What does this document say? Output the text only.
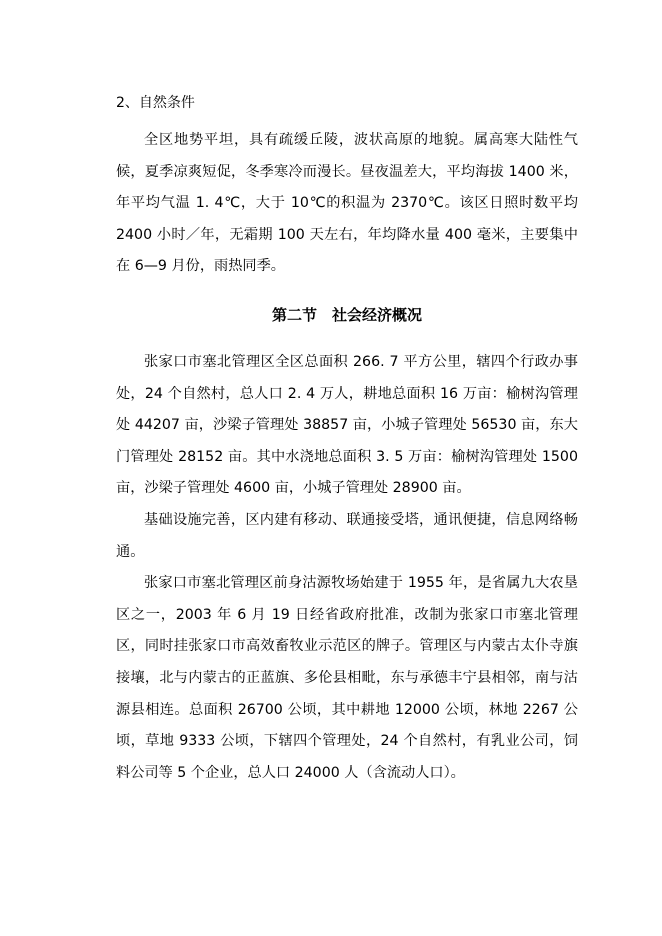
2、自然条件

全区地势平坦，具有疏缓丘陵，波状高原的地貌。属高寒大陆性气候，夏季凉爽短促，冬季寒冷而漫长。昼夜温差大，平均海拔 1400 米，年平均气温 1. 4℃，大于 10℃的积温为 2370℃。该区日照时数平均 2400 小时／年，无霜期 100 天左右，年均降水量 400 毫米，主要集中在 6—9 月份，雨热同季。

第二节　社会经济概况

张家口市塞北管理区全区总面积 266. 7 平方公里，辖四个行政办事处，24 个自然村，总人口 2. 4 万人，耕地总面积 16 万亩：榆树沟管理处 44207 亩，沙梁子管理处 38857 亩，小城子管理处 56530 亩，东大门管理处 28152 亩。其中水浇地总面积 3. 5 万亩：榆树沟管理处 1500 亩，沙梁子管理处 4600 亩，小城子管理处 28900 亩。

基础设施完善，区内建有移动、联通接受塔，通讯便捷，信息网络畅通。

张家口市塞北管理区前身沽源牧场始建于 1955 年，是省属九大农垦区之一，2003 年 6 月 19 日经省政府批准，改制为张家口市塞北管理区，同时挂张家口市高效畜牧业示范区的牌子。管理区与内蒙古太仆寺旗接壤，北与内蒙古的正蓝旗、多伦县相毗，东与承德丰宁县相邻，南与沽源县相连。总面积 26700 公顷，其中耕地 12000 公顷，林地 2267 公顷，草地 9333 公顷，下辖四个管理处，24 个自然村，有乳业公司，饲料公司等 5 个企业，总人口 24000 人（含流动人口）。
